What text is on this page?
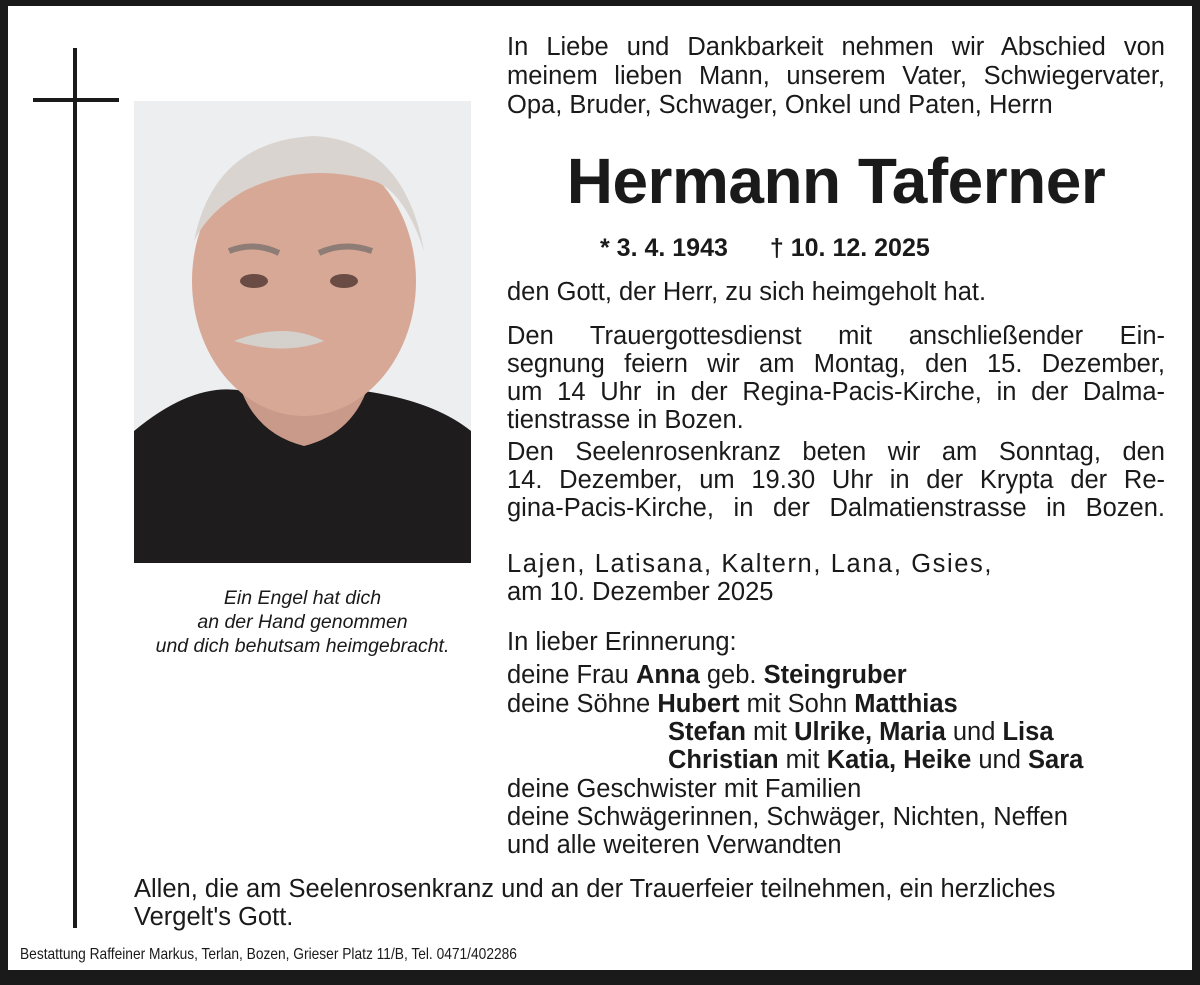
Ein Engel hat dich
an der Hand genommen
und dich behutsam heimgebracht.
In Liebe und Dankbarkeit nehmen wir Abschied von
meinem lieben Mann, unserem Vater, Schwiegervater,
Opa, Bruder, Schwager, Onkel und Paten, Herrn
Hermann Taferner
* 3. 4. 1943 † 10. 12. 2025
den Gott, der Herr, zu sich heimgeholt hat.
Den Trauergottesdienst mit anschließender Ein-
segnung feiern wir am Montag, den 15. Dezember,
um 14 Uhr in der Regina-Pacis-Kirche, in der Dalma-
tienstrasse in Bozen.
Den Seelenrosenkranz beten wir am Sonntag, den
14. Dezember, um 19.30 Uhr in der Krypta der Re-
gina-Pacis-Kirche, in der Dalmatienstrasse in Bozen.
Lajen, Latisana, Kaltern, Lana, Gsies,
am 10. Dezember 2025
In lieber Erinnerung:
deine Frau Anna geb. Steingruber
deine Söhne Hubert mit Sohn Matthias
Stefan mit Ulrike, Maria und Lisa
Christian mit Katia, Heike und Sara
deine Geschwister mit Familien
deine Schwägerinnen, Schwäger, Nichten, Neffen
und alle weiteren Verwandten
Allen, die am Seelenrosenkranz und an der Trauerfeier teilnehmen, ein herzliches
Vergelt's Gott.
Bestattung Raffeiner Markus, Terlan, Bozen, Grieser Platz 11/B, Tel. 0471/402286
